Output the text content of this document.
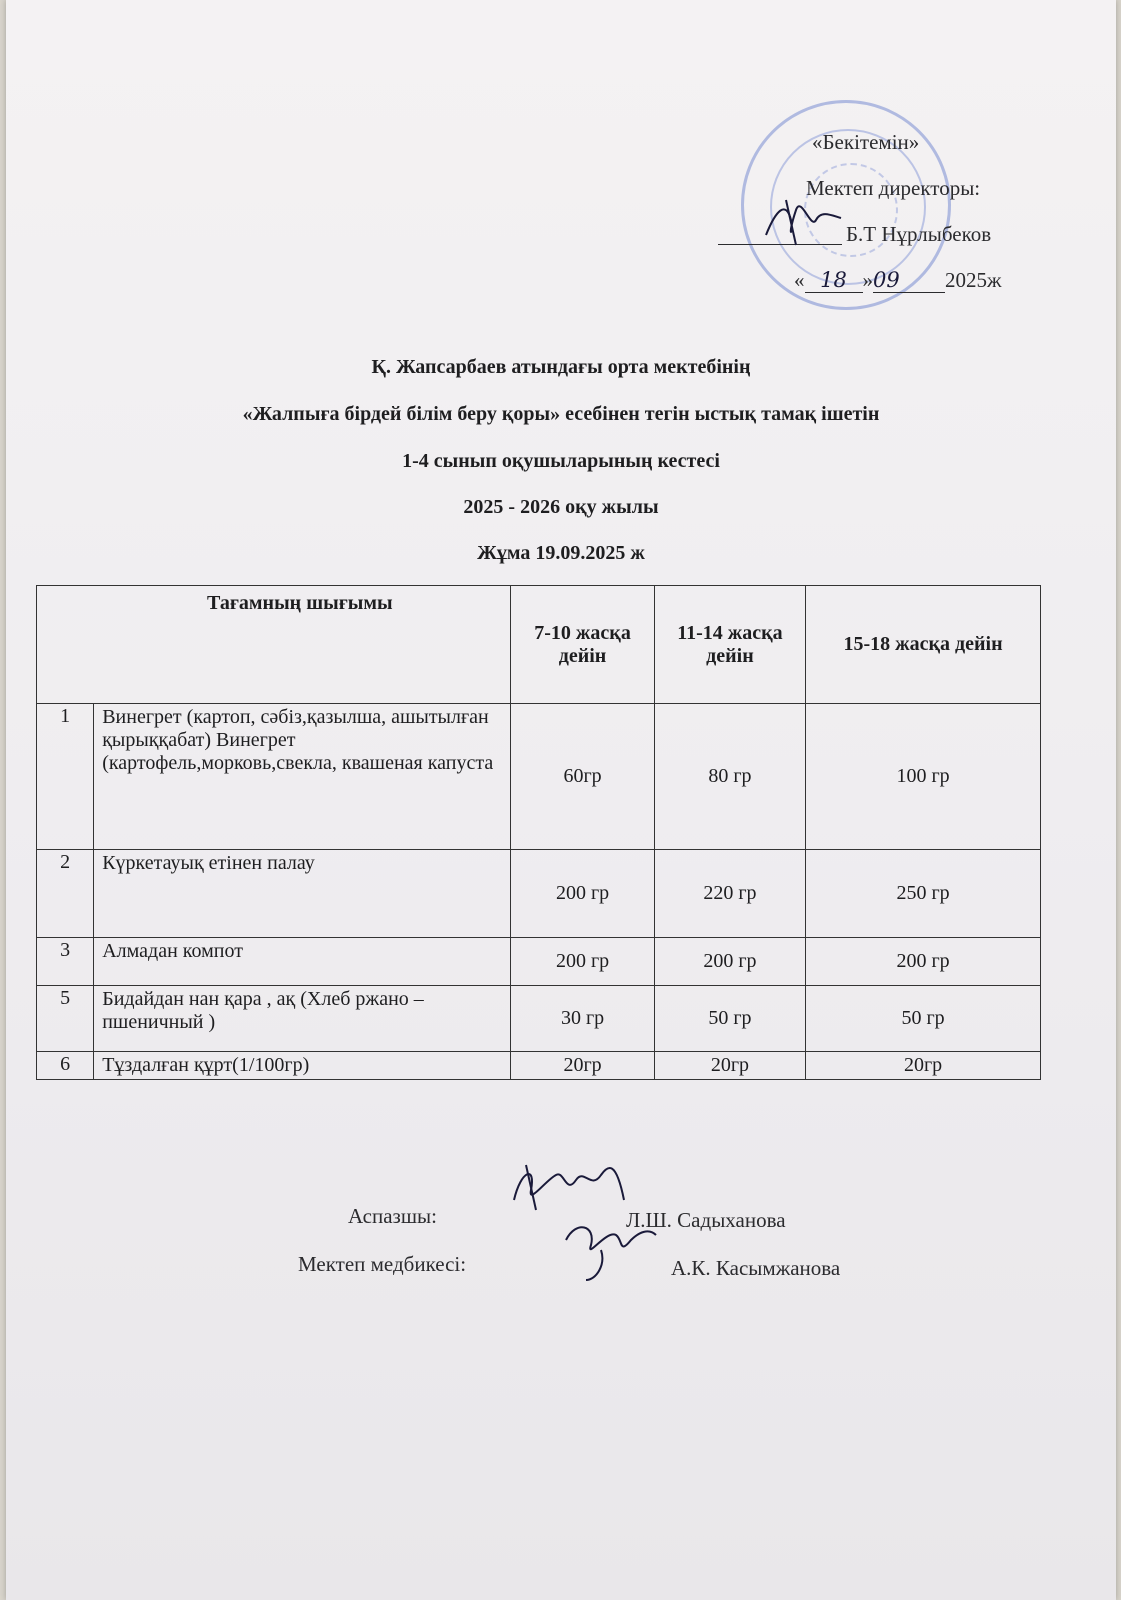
«Бекітемін»
Мектеп директоры:
Б.Т Нұрлыбеков
« 18 »09 2025ж
Қ. Жапсарбаев атындағы орта мектебінің
«Жалпыға бірдей білім беру қоры» есебінен тегін ыстық тамақ ішетін
1-4 сынып оқушыларының кестесі
2025 - 2026 оқу жылы
Жұма 19.09.2025 ж
Тағамның шығымы		7-10 жасқа дейін	11-14 жасқа дейін	15-18 жасқа дейін
1	Винегрет (картоп, сәбіз,қазылша, ашытылған қырыққабат) Винегрет (картофель,морковь,свекла, квашеная капуста	60гр	80 гр	100 гр
2	Күркетауық етінен палау	200 гр	220 гр	250 гр
3	Алмадан компот	200 гр	200 гр	200 гр
5	Бидайдан нан қара , ақ (Хлеб ржано – пшеничный )	30 гр	50 гр	50 гр
6	Тұздалған құрт(1/100гр)	20гр	20гр	20гр
Аспазшы:	Л.Ш. Садыханова
Мектеп медбикесі:	А.К. Касымжанова
